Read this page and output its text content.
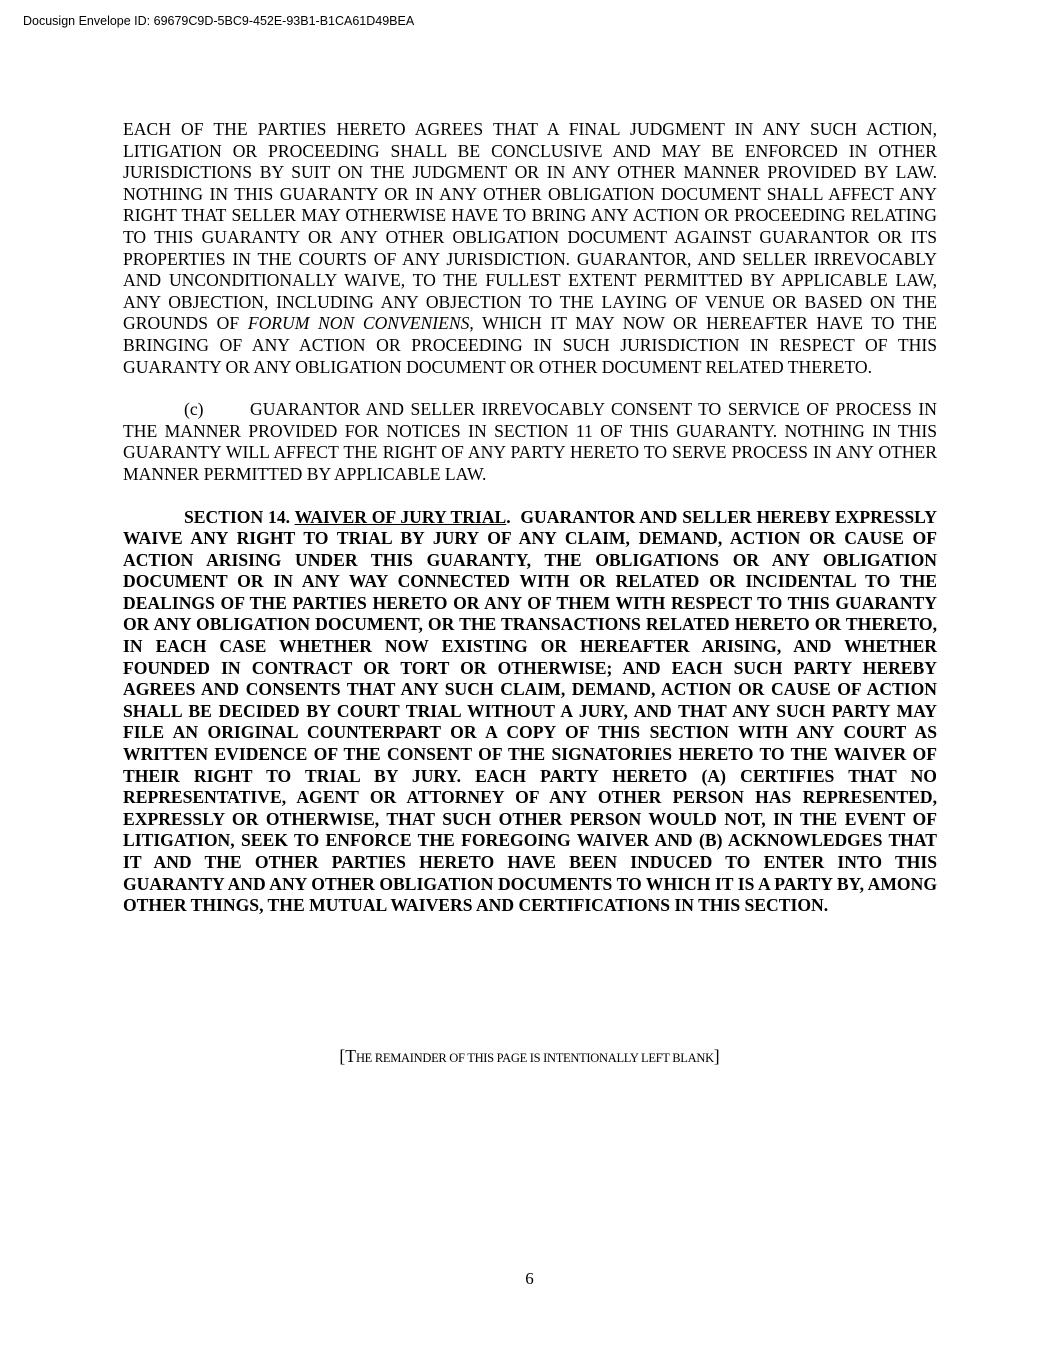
Docusign Envelope ID: 69679C9D-5BC9-452E-93B1-B1CA61D49BEA

EACH OF THE PARTIES HERETO AGREES THAT A FINAL JUDGMENT IN ANY SUCH ACTION, LITIGATION OR PROCEEDING SHALL BE CONCLUSIVE AND MAY BE ENFORCED IN OTHER JURISDICTIONS BY SUIT ON THE JUDGMENT OR IN ANY OTHER MANNER PROVIDED BY LAW. NOTHING IN THIS GUARANTY OR IN ANY OTHER OBLIGATION DOCUMENT SHALL AFFECT ANY RIGHT THAT SELLER MAY OTHERWISE HAVE TO BRING ANY ACTION OR PROCEEDING RELATING TO THIS GUARANTY OR ANY OTHER OBLIGATION DOCUMENT AGAINST GUARANTOR OR ITS PROPERTIES IN THE COURTS OF ANY JURISDICTION. GUARANTOR, AND SELLER IRREVOCABLY AND UNCONDITIONALLY WAIVE, TO THE FULLEST EXTENT PERMITTED BY APPLICABLE LAW, ANY OBJECTION, INCLUDING ANY OBJECTION TO THE LAYING OF VENUE OR BASED ON THE GROUNDS OF FORUM NON CONVENIENS, WHICH IT MAY NOW OR HEREAFTER HAVE TO THE BRINGING OF ANY ACTION OR PROCEEDING IN SUCH JURISDICTION IN RESPECT OF THIS GUARANTY OR ANY OBLIGATION DOCUMENT OR OTHER DOCUMENT RELATED THERETO.

(c)	GUARANTOR AND SELLER IRREVOCABLY CONSENT TO SERVICE OF PROCESS IN THE MANNER PROVIDED FOR NOTICES IN SECTION 11 OF THIS GUARANTY. NOTHING IN THIS GUARANTY WILL AFFECT THE RIGHT OF ANY PARTY HERETO TO SERVE PROCESS IN ANY OTHER MANNER PERMITTED BY APPLICABLE LAW.

SECTION 14. WAIVER OF JURY TRIAL. GUARANTOR AND SELLER HEREBY EXPRESSLY WAIVE ANY RIGHT TO TRIAL BY JURY OF ANY CLAIM, DEMAND, ACTION OR CAUSE OF ACTION ARISING UNDER THIS GUARANTY, THE OBLIGATIONS OR ANY OBLIGATION DOCUMENT OR IN ANY WAY CONNECTED WITH OR RELATED OR INCIDENTAL TO THE DEALINGS OF THE PARTIES HERETO OR ANY OF THEM WITH RESPECT TO THIS GUARANTY OR ANY OBLIGATION DOCUMENT, OR THE TRANSACTIONS RELATED HERETO OR THERETO, IN EACH CASE WHETHER NOW EXISTING OR HEREAFTER ARISING, AND WHETHER FOUNDED IN CONTRACT OR TORT OR OTHERWISE; AND EACH SUCH PARTY HEREBY AGREES AND CONSENTS THAT ANY SUCH CLAIM, DEMAND, ACTION OR CAUSE OF ACTION SHALL BE DECIDED BY COURT TRIAL WITHOUT A JURY, AND THAT ANY SUCH PARTY MAY FILE AN ORIGINAL COUNTERPART OR A COPY OF THIS SECTION WITH ANY COURT AS WRITTEN EVIDENCE OF THE CONSENT OF THE SIGNATORIES HERETO TO THE WAIVER OF THEIR RIGHT TO TRIAL BY JURY. EACH PARTY HERETO (A) CERTIFIES THAT NO REPRESENTATIVE, AGENT OR ATTORNEY OF ANY OTHER PERSON HAS REPRESENTED, EXPRESSLY OR OTHERWISE, THAT SUCH OTHER PERSON WOULD NOT, IN THE EVENT OF LITIGATION, SEEK TO ENFORCE THE FOREGOING WAIVER AND (B) ACKNOWLEDGES THAT IT AND THE OTHER PARTIES HERETO HAVE BEEN INDUCED TO ENTER INTO THIS GUARANTY AND ANY OTHER OBLIGATION DOCUMENTS TO WHICH IT IS A PARTY BY, AMONG OTHER THINGS, THE MUTUAL WAIVERS AND CERTIFICATIONS IN THIS SECTION.

[THE REMAINDER OF THIS PAGE IS INTENTIONALLY LEFT BLANK]
6
